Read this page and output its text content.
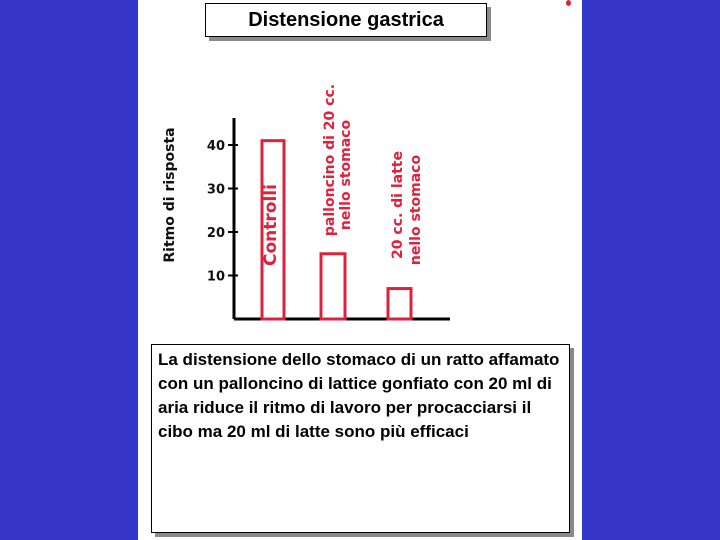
Distensione gastrica
10
20
30
40
Controlli	palloncino di 20 cc. nello stomaco	20 cc. di latte nello stomaco
Ritmo di risposta
La distensione dello stomaco di un ratto affamato con un palloncino di lattice gonfiato con 20 ml di aria riduce il ritmo di lavoro per procacciarsi il cibo ma 20 ml di latte sono più efficaci
